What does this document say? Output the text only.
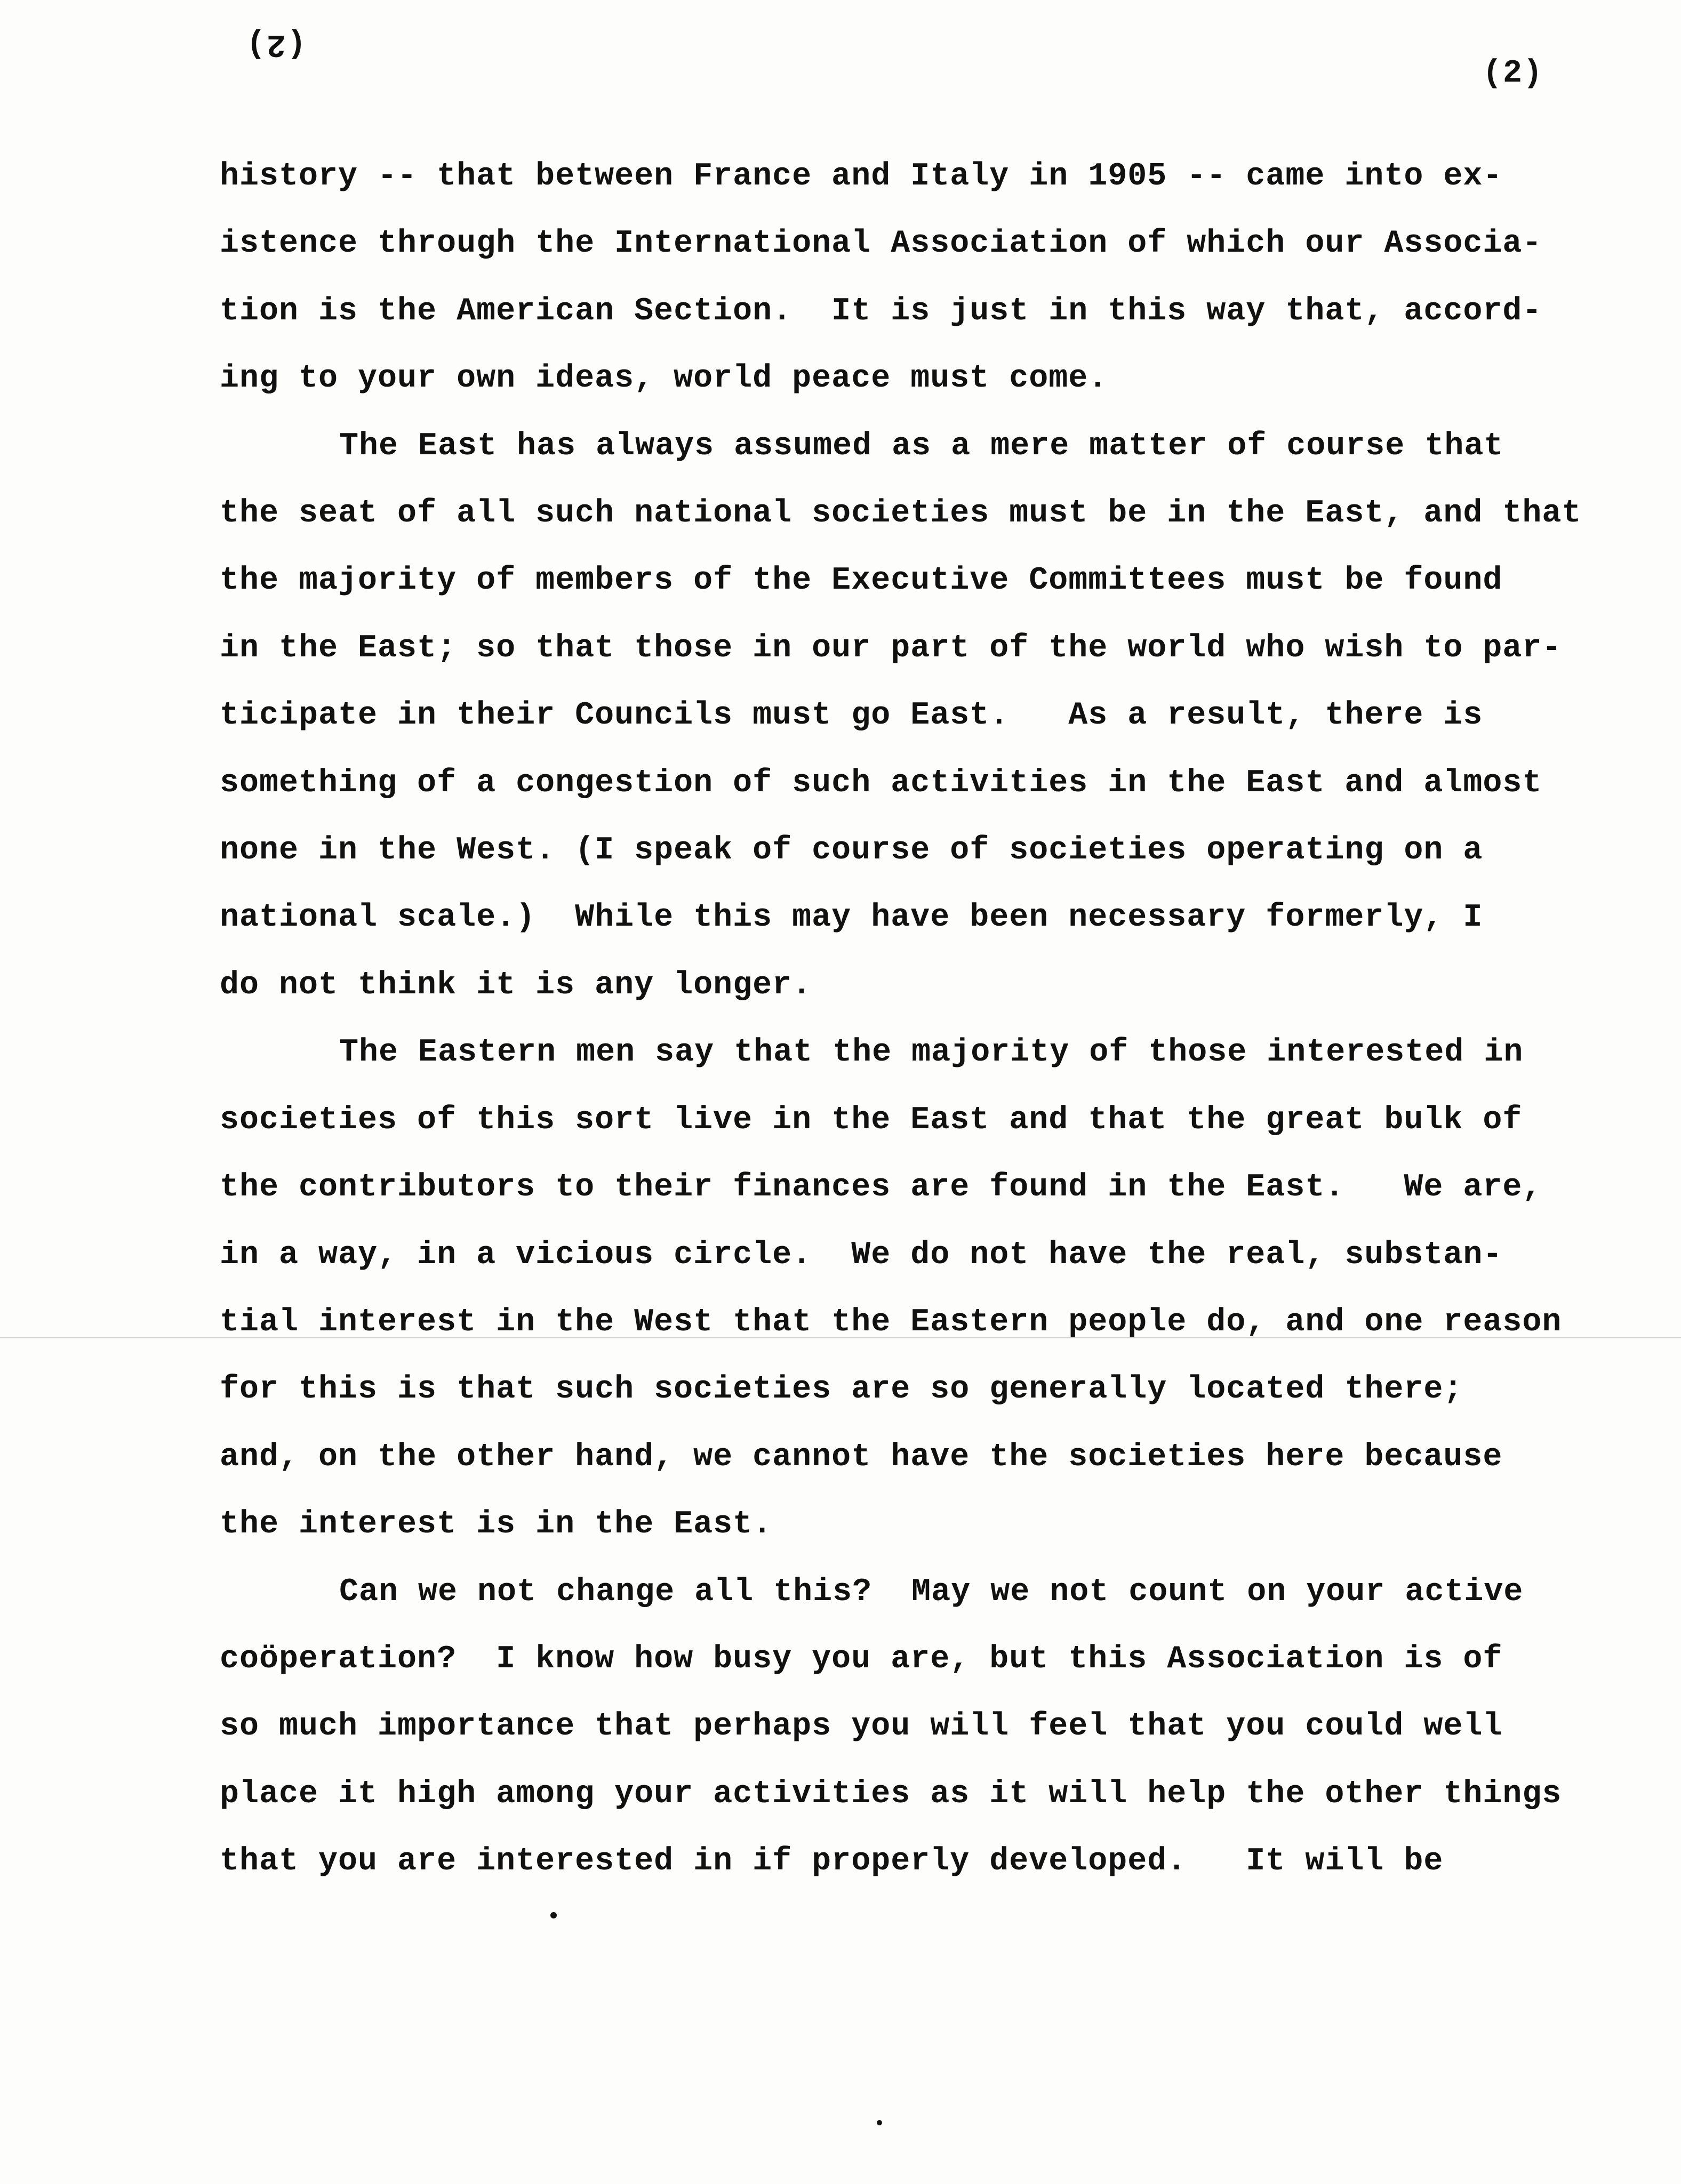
(2)
(2)
history -- that between France and Italy in 1905 -- came into ex-
istence through the International Association of which our Associa-
tion is the American Section.  It is just in this way that, accord-
ing to your own ideas, world peace must come.
The East has always assumed as a mere matter of course that
the seat of all such national societies must be in the East, and that
the majority of members of the Executive Committees must be found
in the East; so that those in our part of the world who wish to par-
ticipate in their Councils must go East.   As a result, there is
something of a congestion of such activities in the East and almost
none in the West. (I speak of course of societies operating on a
national scale.)  While this may have been necessary formerly, I
do not think it is any longer.
The Eastern men say that the majority of those interested in
societies of this sort live in the East and that the great bulk of
the contributors to their finances are found in the East.   We are,
in a way, in a vicious circle.  We do not have the real, substan-
tial interest in the West that the Eastern people do, and one reason
for this is that such societies are so generally located there;
and, on the other hand, we cannot have the societies here because
the interest is in the East.
Can we not change all this?  May we not count on your active
coöperation?  I know how busy you are, but this Association is of
so much importance that perhaps you will feel that you could well
place it high among your activities as it will help the other things
that you are interested in if properly developed.   It will be
